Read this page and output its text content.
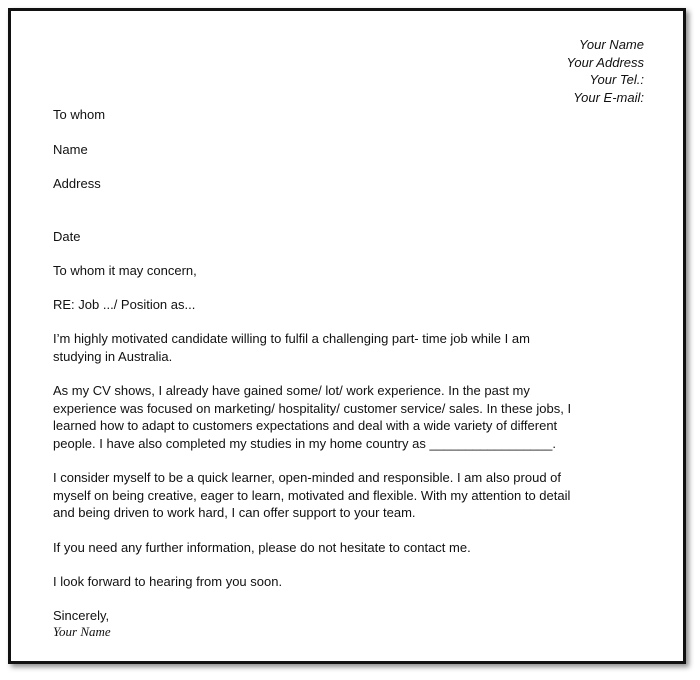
Your Name
Your Address
Your Tel.:
Your E-mail:
To whom
Name
Address
Date
To whom it may concern,
RE: Job .../ Position as...
I’m highly motivated candidate willing to fulfil a challenging part- time job while I am
studying in Australia.
As my CV shows, I already have gained some/ lot/ work experience. In the past my
experience was focused on marketing/ hospitality/ customer service/ sales. In these jobs, I
learned how to adapt to customers expectations and deal with a wide variety of different
people. I have also completed my studies in my home country as _________________.
I consider myself to be a quick learner, open-minded and responsible. I am also proud of
myself on being creative, eager to learn, motivated and flexible. With my attention to detail
and being driven to work hard, I can offer support to your team.
If you need any further information, please do not hesitate to contact me.
I look forward to hearing from you soon.
Sincerely,
Your Name
